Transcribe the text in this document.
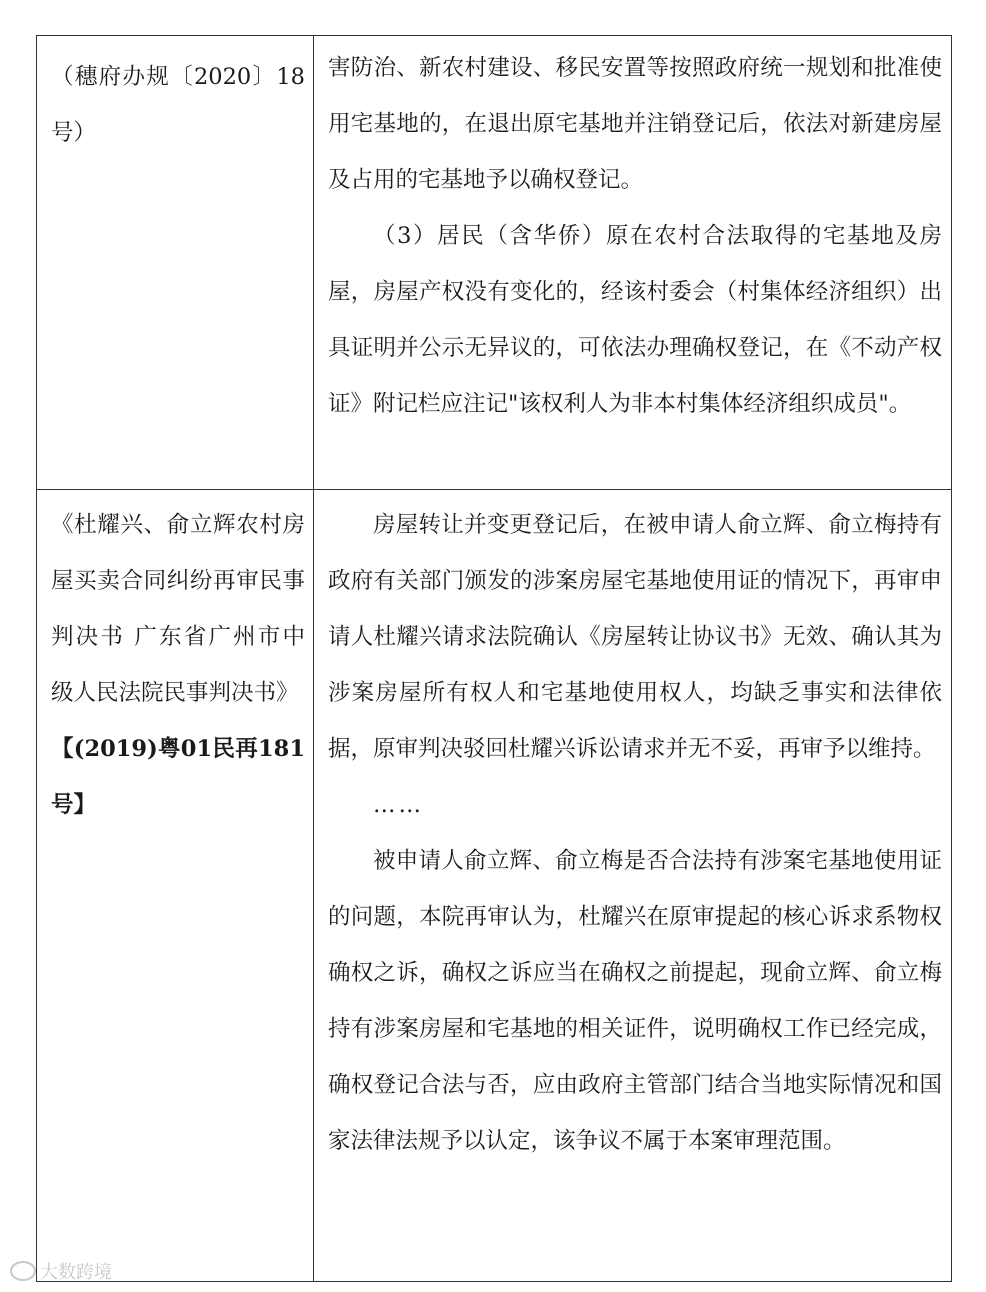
（穗府办规〔2020〕18号）

害防治、新农村建设、移民安置等按照政府统一规划和批准使用宅基地的，在退出原宅基地并注销登记后，依法对新建房屋及占用的宅基地予以确权登记。

（3）居民（含华侨）原在农村合法取得的宅基地及房屋，房屋产权没有变化的，经该村委会（村集体经济组织）出具证明并公示无异议的，可依法办理确权登记，在《不动产权证》附记栏应注记"该权利人为非本村集体经济组织成员"。

《杜耀兴、俞立辉农村房屋买卖合同纠纷再审民事判决书 广东省广州市中级人民法院民事判决书》

【(2019)粤01民再181号】

房屋转让并变更登记后，在被申请人俞立辉、俞立梅持有政府有关部门颁发的涉案房屋宅基地使用证的情况下，再审申请人杜耀兴请求法院确认《房屋转让协议书》无效、确认其为涉案房屋所有权人和宅基地使用权人，均缺乏事实和法律依据，原审判决驳回杜耀兴诉讼请求并无不妥，再审予以维持。

……

被申请人俞立辉、俞立梅是否合法持有涉案宅基地使用证的问题，本院再审认为，杜耀兴在原审提起的核心诉求系物权确权之诉，确权之诉应当在确权之前提起，现俞立辉、俞立梅持有涉案房屋和宅基地的相关证件，说明确权工作已经完成，确权登记合法与否，应由政府主管部门结合当地实际情况和国家法律法规予以认定，该争议不属于本案审理范围。

大数跨境
